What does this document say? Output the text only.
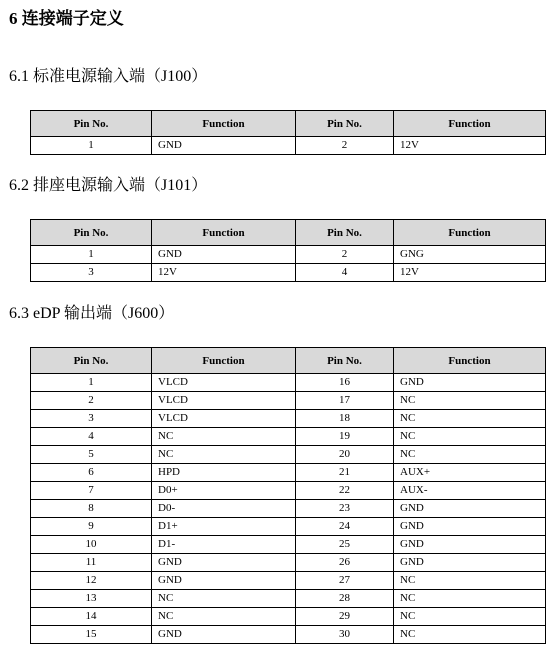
6 连接端子定义
6.1 标准电源输入端（J100）
Pin No.	Function	Pin No.	Function
1	GND	2	12V
6.2 排座电源输入端（J101）
Pin No.	Function	Pin No.	Function
1	GND	2	GNG
3	12V	4	12V
6.3 eDP 输出端（J600）
Pin No.	Function	Pin No.	Function
1	VLCD	16	GND
2	VLCD	17	NC
3	VLCD	18	NC
4	NC	19	NC
5	NC	20	NC
6	HPD	21	AUX+
7	D0+	22	AUX-
8	D0-	23	GND
9	D1+	24	GND
10	D1-	25	GND
11	GND	26	GND
12	GND	27	NC
13	NC	28	NC
14	NC	29	NC
15	GND	30	NC
